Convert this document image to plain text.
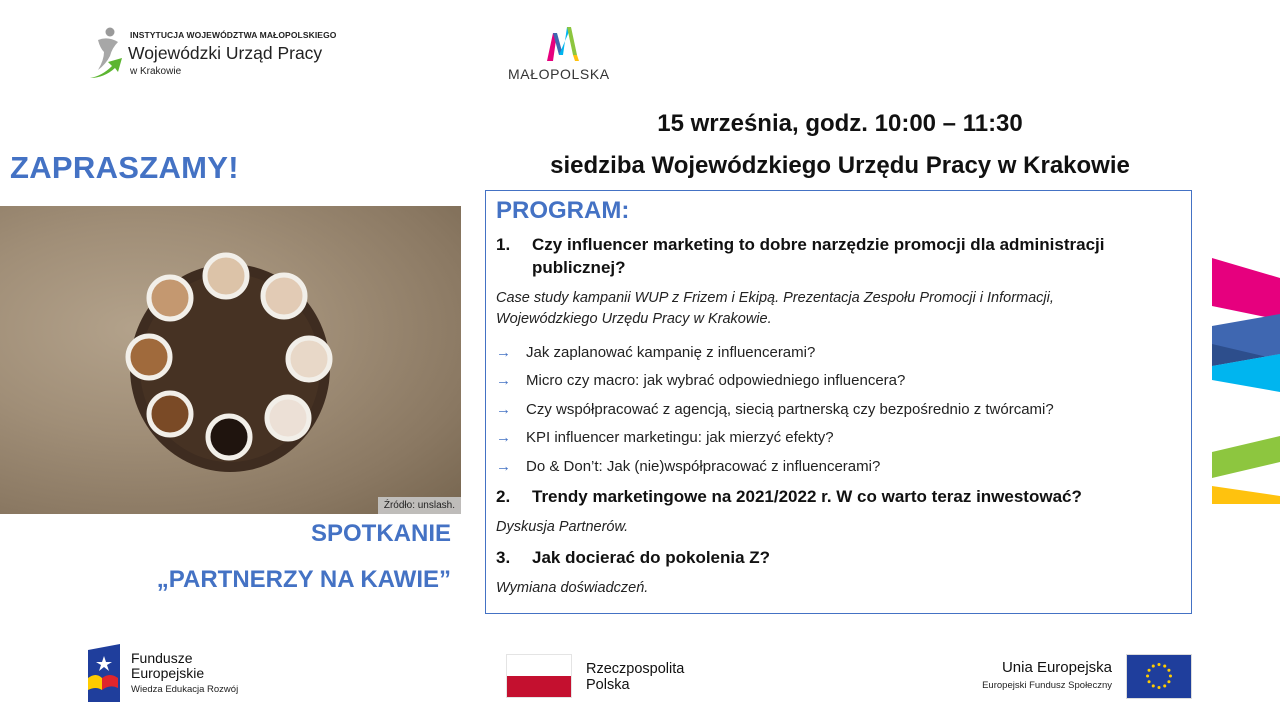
INSTYTUCJA WOJEWÓDZTWA MAŁOPOLSKIEGO
Wojewódzki Urząd Pracy
w Krakowie	MAŁOPOLSKA
15 września, godz. 10:00 – 11:30
siedziba Wojewódzkiego Urzędu Pracy w Krakowie
ZAPRASZAMY!
Źródło: unslash.
SPOTKANIE
„PARTNERZY NA KAWIE”
PROGRAM:
1.	Czy influencer marketing to dobre narzędzie promocji dla administracji publicznej?
Case study kampanii WUP z Frizem i Ekipą. Prezentacja Zespołu Promocji i Informacji,
Wojewódzkiego Urzędu Pracy w Krakowie.
→	Jak zaplanować kampanię z influencerami?
→	Micro czy macro: jak wybrać odpowiedniego influencera?
→	Czy współpracować z agencją, siecią partnerską czy bezpośrednio z twórcami?
→	KPI influencer marketingu: jak mierzyć efekty?
→	Do & Don’t: Jak (nie)współpracować z influencerami?
2.	Trendy marketingowe na 2021/2022 r. W co warto teraz inwestować?
Dyskusja Partnerów.
3.	Jak docierać do pokolenia Z?
Wymiana doświadczeń.
Fundusze
Europejskie
Wiedza Edukacja Rozwój
Rzeczpospolita
Polska
Unia Europejska
Europejski Fundusz Społeczny
